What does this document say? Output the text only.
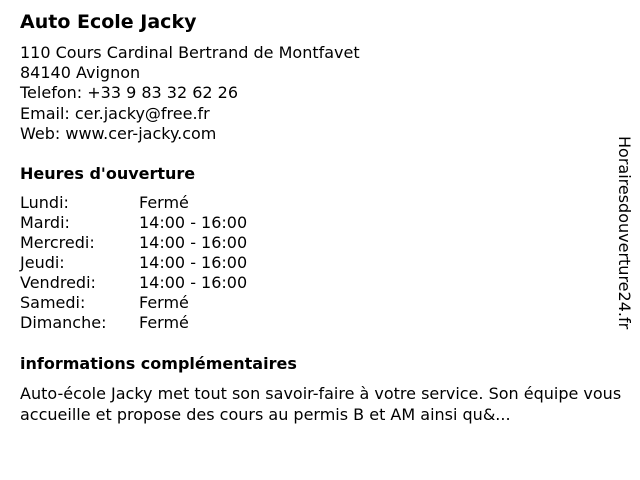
Auto Ecole Jacky
110 Cours Cardinal Bertrand de Montfavet
84140 Avignon
Telefon: +33 9 83 32 62 26
Email: cer.jacky@free.fr
Web: www.cer-jacky.com
Heures d'ouverture
Lundi:	Fermé
Mardi:	14:00 - 16:00
Mercredi:	14:00 - 16:00
Jeudi:	14:00 - 16:00
Vendredi:	14:00 - 16:00
Samedi:	Fermé
Dimanche: Fermé
informations complémentaires
Auto-école Jacky met tout son savoir-faire à votre service. Son équipe vous accueille et propose des cours au permis B et AM ainsi qu&...
Horairesdouverture24.fr
